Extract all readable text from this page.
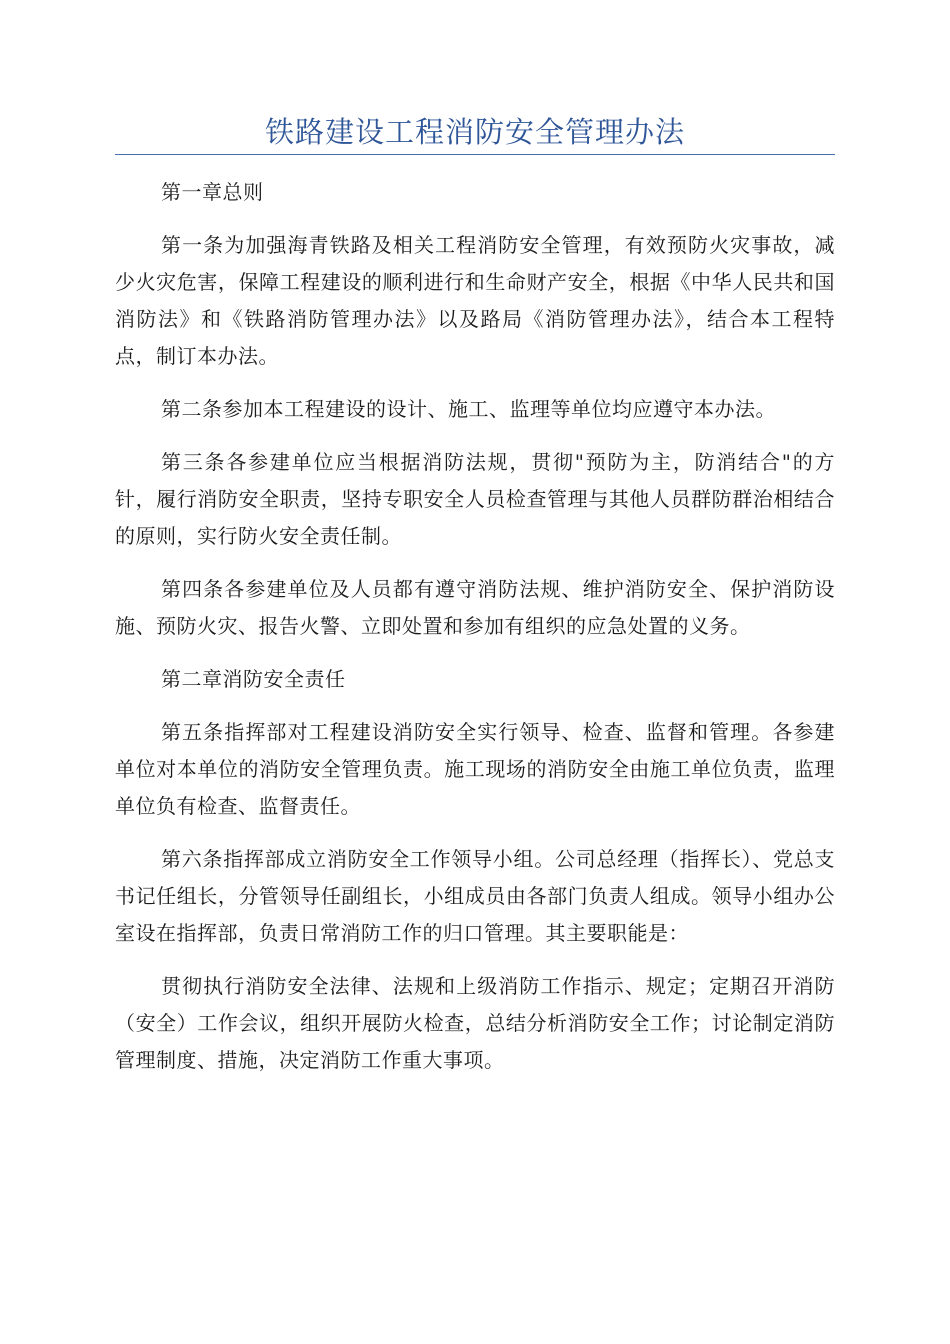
铁路建设工程消防安全管理办法

第一章总则

第一条为加强海青铁路及相关工程消防安全管理，有效预防火灾事故，减少火灾危害，保障工程建设的顺利进行和生命财产安全，根据《中华人民共和国消防法》和《铁路消防管理办法》以及路局《消防管理办法》，结合本工程特点，制订本办法。

第二条参加本工程建设的设计、施工、监理等单位均应遵守本办法。

第三条各参建单位应当根据消防法规，贯彻"预防为主，防消结合"的方针，履行消防安全职责，坚持专职安全人员检查管理与其他人员群防群治相结合的原则，实行防火安全责任制。

第四条各参建单位及人员都有遵守消防法规、维护消防安全、保护消防设施、预防火灾、报告火警、立即处置和参加有组织的应急处置的义务。

第二章消防安全责任

第五条指挥部对工程建设消防安全实行领导、检查、监督和管理。各参建单位对本单位的消防安全管理负责。施工现场的消防安全由施工单位负责，监理单位负有检查、监督责任。

第六条指挥部成立消防安全工作领导小组。公司总经理（指挥长）、党总支书记任组长，分管领导任副组长，小组成员由各部门负责人组成。领导小组办公室设在指挥部，负责日常消防工作的归口管理。其主要职能是：

贯彻执行消防安全法律、法规和上级消防工作指示、规定；定期召开消防（安全）工作会议，组织开展防火检查，总结分析消防安全工作；讨论制定消防管理制度、措施，决定消防工作重大事项。
